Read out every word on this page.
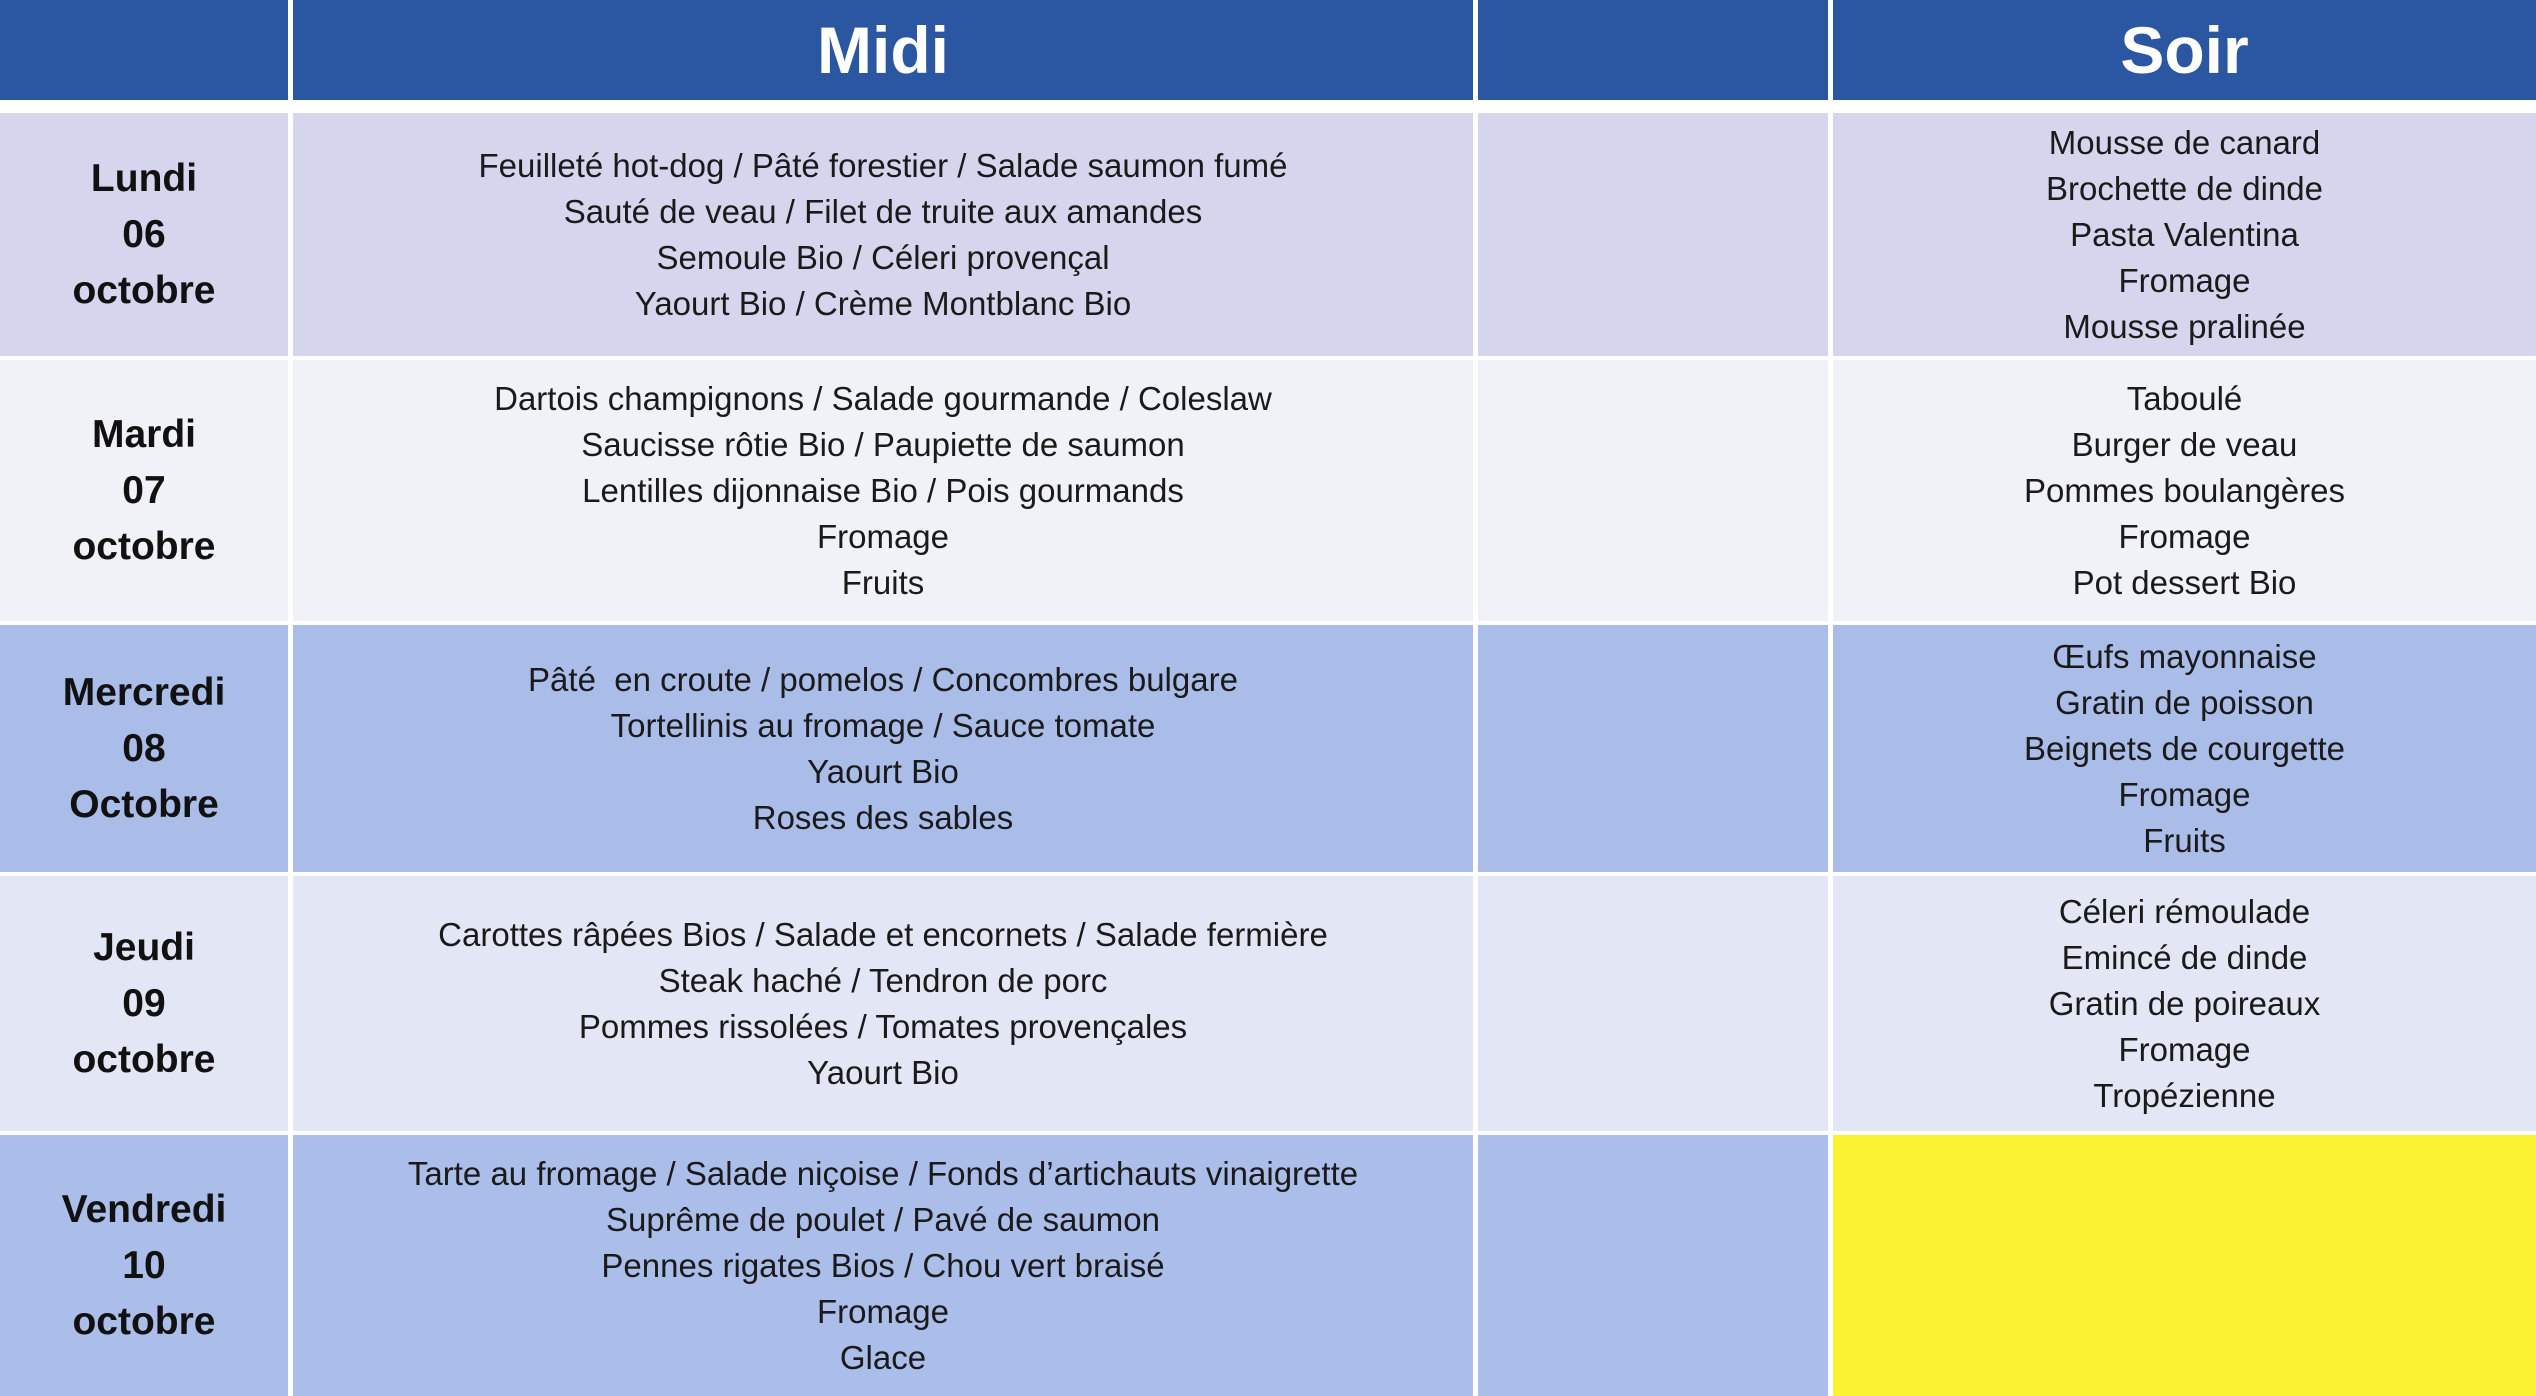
Midi	Soir
Lundi
06
octobre
Feuilleté hot-dog / Pâté forestier / Salade saumon fumé
Sauté de veau / Filet de truite aux amandes
Semoule Bio / Céleri provençal
Yaourt Bio / Crème Montblanc Bio
Mousse de canard
Brochette de dinde
Pasta Valentina
Fromage
Mousse pralinée
Mardi
07
octobre
Dartois champignons / Salade gourmande / Coleslaw
Saucisse rôtie Bio / Paupiette de saumon
Lentilles dijonnaise Bio / Pois gourmands
Fromage
Fruits
Taboulé
Burger de veau
Pommes boulangères
Fromage
Pot dessert Bio
Mercredi
08
Octobre
Pâté  en croute / pomelos / Concombres bulgare
Tortellinis au fromage / Sauce tomate
Yaourt Bio
Roses des sables
Œufs mayonnaise
Gratin de poisson
Beignets de courgette
Fromage
Fruits
Jeudi
09
octobre
Carottes râpées Bios / Salade et encornets / Salade fermière
Steak haché / Tendron de porc
Pommes rissolées / Tomates provençales
Yaourt Bio
Céleri rémoulade
Emincé de dinde
Gratin de poireaux
Fromage
Tropézienne
Vendredi
10
octobre
Tarte au fromage / Salade niçoise / Fonds d’artichauts vinaigrette
Suprême de poulet / Pavé de saumon
Pennes rigates Bios / Chou vert braisé
Fromage
Glace
